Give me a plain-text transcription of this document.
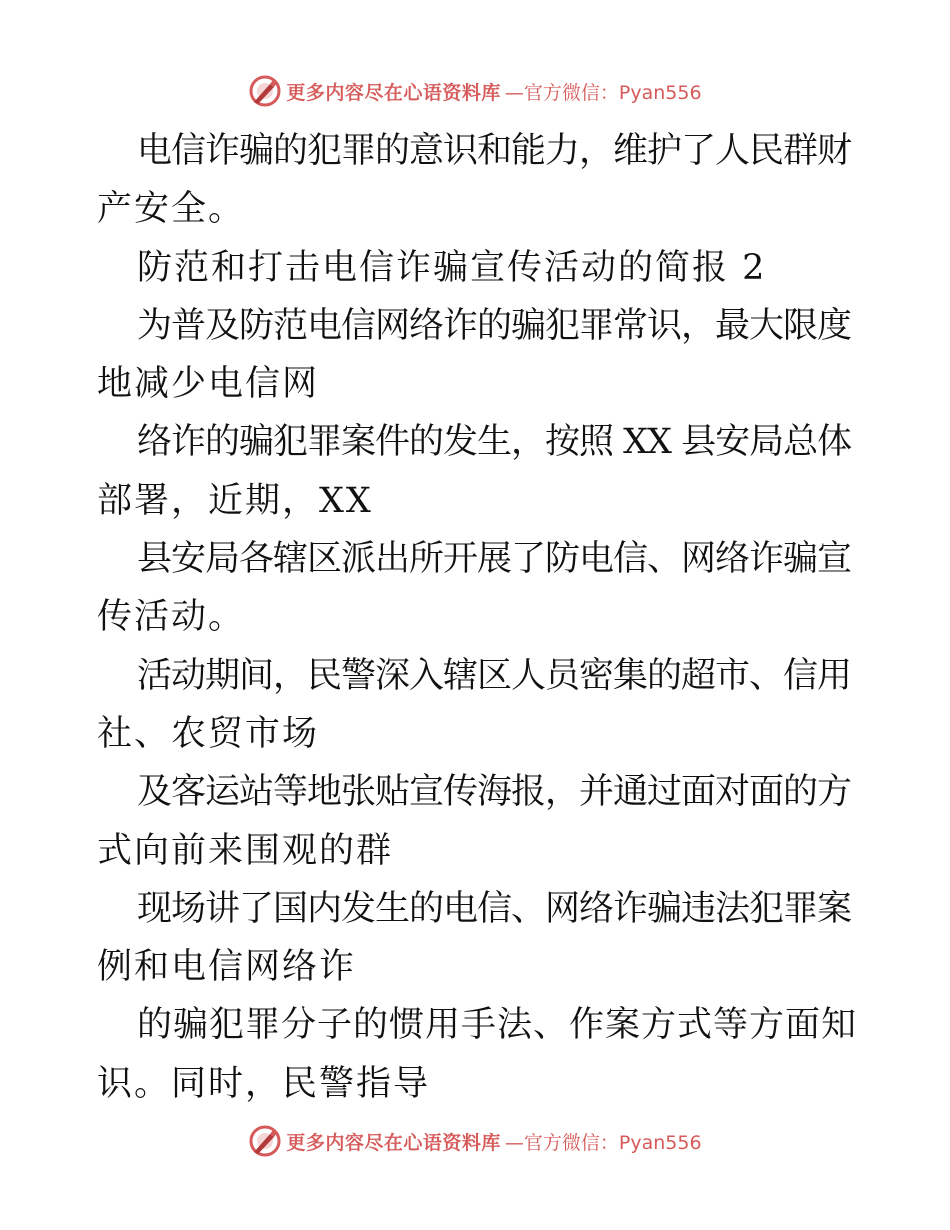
更多内容尽在心语资料库 —官方微信：Pyan556
电信诈骗的犯罪的意识和能力，维护了人民群财
产安全。
防范和打击电信诈骗宣传活动的简报 2
为普及防范电信网络诈的骗犯罪常识，最大限度
地减少电信网
络诈的骗犯罪案件的发生，按照 XX 县安局总体
部署，近期，XX
县安局各辖区派出所开展了防电信、网络诈骗宣
传活动。
活动期间，民警深入辖区人员密集的超市、信用
社、农贸市场
及客运站等地张贴宣传海报，并通过面对面的方
式向前来围观的群
现场讲了国内发生的电信、网络诈骗违法犯罪案
例和电信网络诈
的骗犯罪分子的惯用手法、作案方式等方面知
识。同时，民警指导
更多内容尽在心语资料库 —官方微信：Pyan556
